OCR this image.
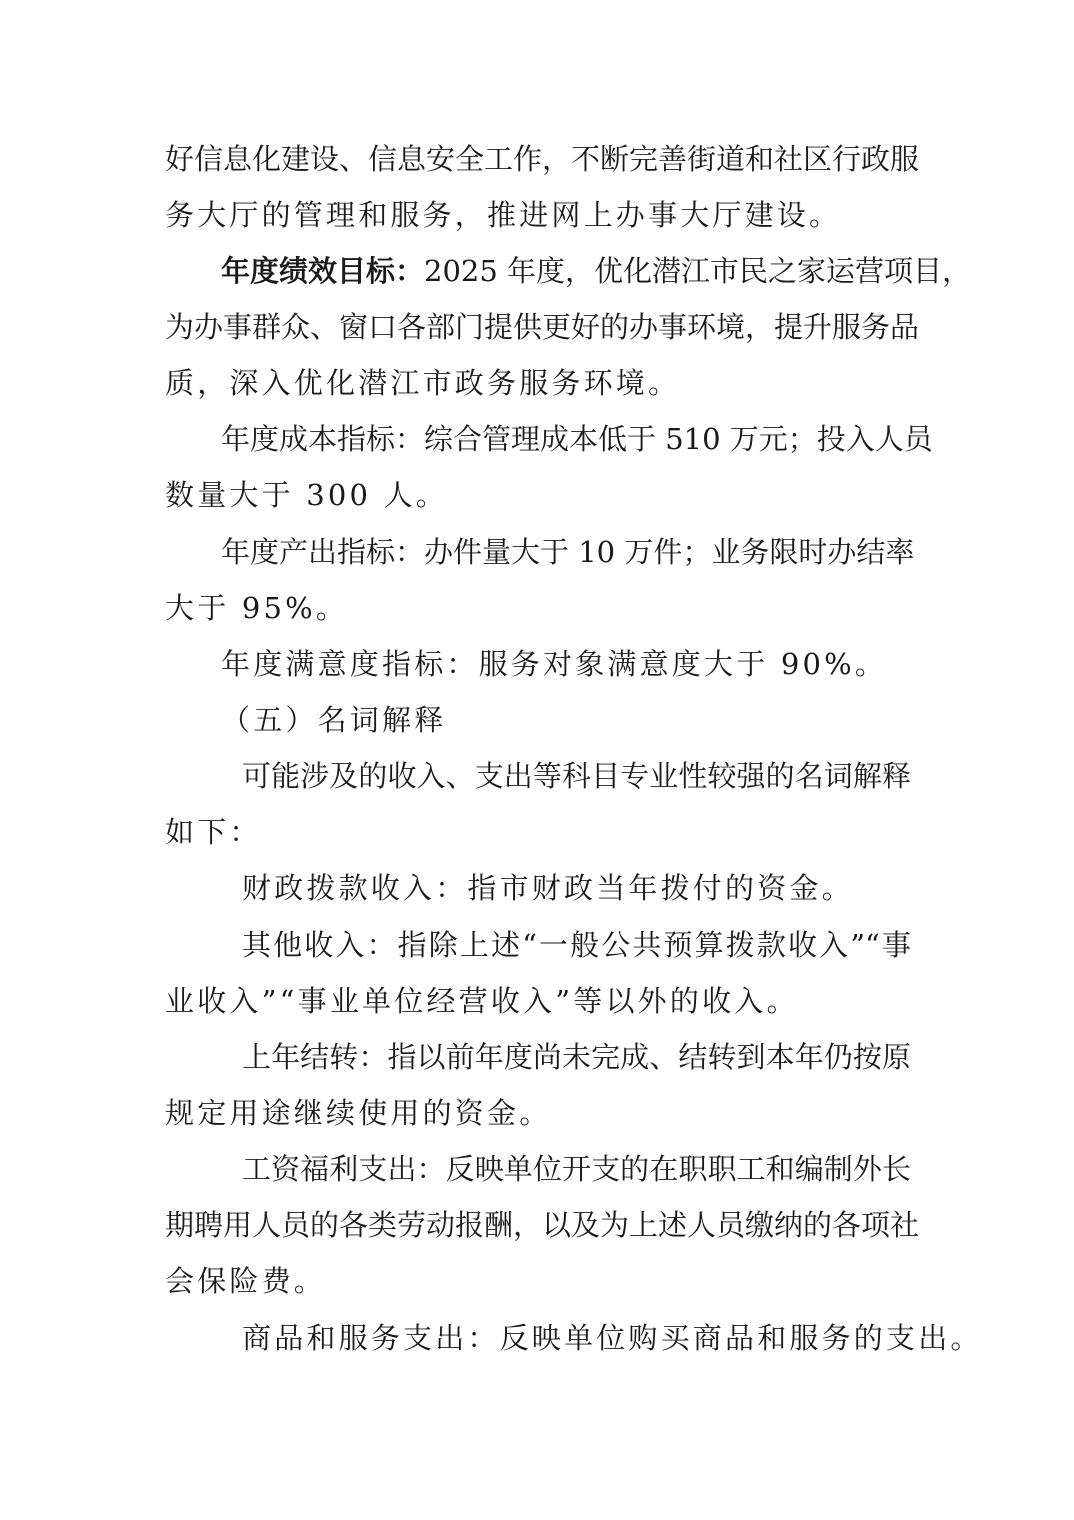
好信息化建设、信息安全工作，不断完善街道和社区行政服
务大厅的管理和服务，推进网上办事大厅建设。
年度绩效目标：2025 年度，优化潜江市民之家运营项目，
为办事群众、窗口各部门提供更好的办事环境，提升服务品
质，深入优化潜江市政务服务环境。
年度成本指标：综合管理成本低于 510 万元；投入人员
数量大于 300 人。
年度产出指标：办件量大于 10 万件；业务限时办结率
大于 95%。
年度满意度指标：服务对象满意度大于 90%。
（五）名词解释
可能涉及的收入、支出等科目专业性较强的名词解释
如下：
财政拨款收入：指市财政当年拨付的资金。
其他收入：指除上述“一般公共预算拨款收入”“事
业收入”“事业单位经营收入”等以外的收入。
上年结转：指以前年度尚未完成、结转到本年仍按原
规定用途继续使用的资金。
工资福利支出：反映单位开支的在职职工和编制外长
期聘用人员的各类劳动报酬，以及为上述人员缴纳的各项社
会保险费。
商品和服务支出：反映单位购买商品和服务的支出。
